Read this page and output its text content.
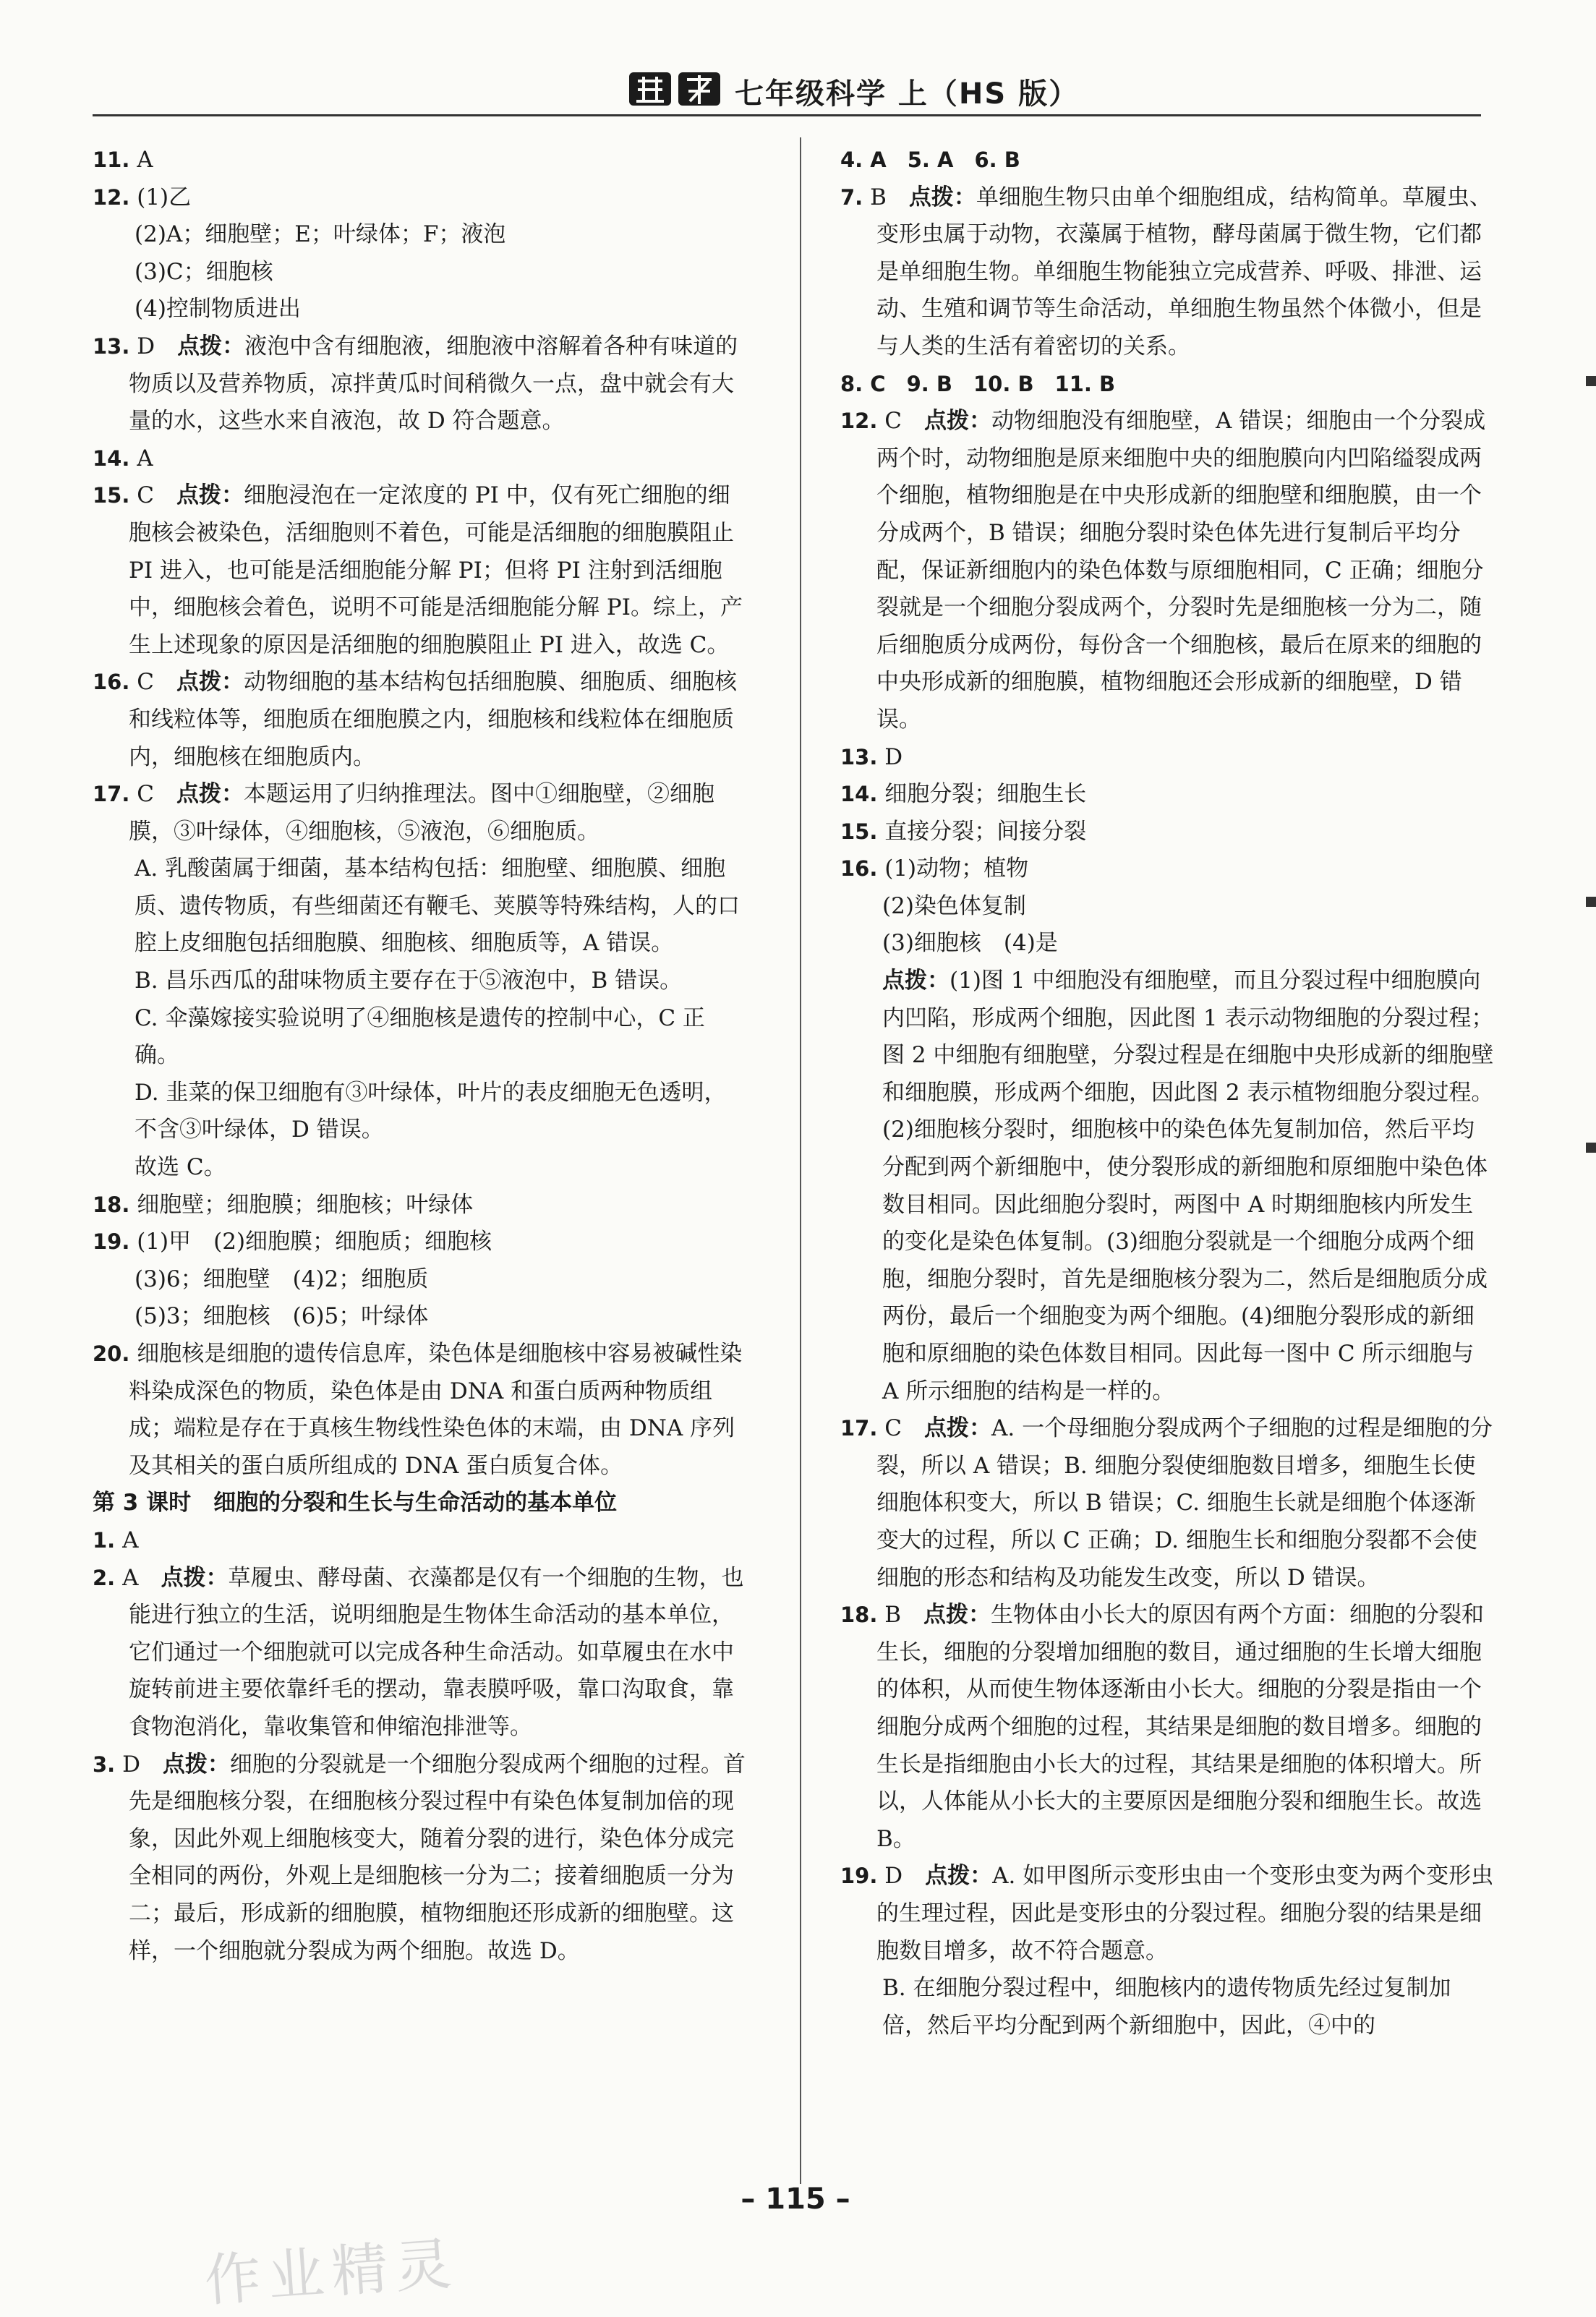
七年级科学 上（HS 版）
11. A
12. (1)乙
(2)A；细胞壁；E；叶绿体；F；液泡
(3)C；细胞核
(4)控制物质进出
13. D　 点拨：液泡中含有细胞液，细胞液中溶解着各种有味道的物质以及营养物质，凉拌黄瓜时间稍微久一点，盘中就会有大量的水，这些水来自液泡，故 D 符合题意。
14. A
15. C　 点拨：细胞浸泡在一定浓度的 PI 中，仅有死亡细胞的细胞核会被染色，活细胞则不着色，可能是活细胞的细胞膜阻止 PI 进入，也可能是活细胞能分解 PI；但将 PI 注射到活细胞中，细胞核会着色，说明不可能是活细胞能分解 PI。综上，产生上述现象的原因是活细胞的细胞膜阻止 PI 进入，故选 C。
16. C　 点拨：动物细胞的基本结构包括细胞膜、细胞质、细胞核和线粒体等，细胞质在细胞膜之内，细胞核和线粒体在细胞质内，细胞核在细胞质内。
17. C　 点拨：本题运用了归纳推理法。图中①细胞壁，②细胞膜，③叶绿体，④细胞核，⑤液泡，⑥细胞质。
A. 乳酸菌属于细菌，基本结构包括：细胞壁、细胞膜、细胞质、遗传物质，有些细菌还有鞭毛、荚膜等特殊结构，人的口腔上皮细胞包括细胞膜、细胞核、细胞质等，A 错误。
B. 昌乐西瓜的甜味物质主要存在于⑤液泡中，B 错误。
C. 伞藻嫁接实验说明了④细胞核是遗传的控制中心，C 正确。
D. 韭菜的保卫细胞有③叶绿体，叶片的表皮细胞无色透明，不含③叶绿体，D 错误。
故选 C。
18. 细胞壁；细胞膜；细胞核；叶绿体
19. (1)甲　(2)细胞膜；细胞质；细胞核
(3)6；细胞壁　(4)2；细胞质
(5)3；细胞核　(6)5；叶绿体
20. 细胞核是细胞的遗传信息库，染色体是细胞核中容易被碱性染料染成深色的物质，染色体是由 DNA 和蛋白质两种物质组成；端粒是存在于真核生物线性染色体的末端，由 DNA 序列及其相关的蛋白质所组成的 DNA 蛋白质复合体。
第 3 课时　细胞的分裂和生长与生命活动的基本单位
1. A
2. A　 点拨：草履虫、酵母菌、衣藻都是仅有一个细胞的生物，也能进行独立的生活，说明细胞是生物体生命活动的基本单位，它们通过一个细胞就可以完成各种生命活动。如草履虫在水中旋转前进主要依靠纤毛的摆动，靠表膜呼吸，靠口沟取食，靠食物泡消化，靠收集管和伸缩泡排泄等。
3. D　 点拨：细胞的分裂就是一个细胞分裂成两个细胞的过程。首先是细胞核分裂，在细胞核分裂过程中有染色体复制加倍的现象，因此外观上细胞核变大，随着分裂的进行，染色体分成完全相同的两份，外观上是细胞核一分为二；接着细胞质一分为二；最后，形成新的细胞膜，植物细胞还形成新的细胞壁。这样，一个细胞就分裂成为两个细胞。故选 D。
4. A　5. A　6. B
7. B　 点拨：单细胞生物只由单个细胞组成，结构简单。草履虫、变形虫属于动物，衣藻属于植物，酵母菌属于微生物，它们都是单细胞生物。单细胞生物能独立完成营养、呼吸、排泄、运动、生殖和调节等生命活动，单细胞生物虽然个体微小，但是与人类的生活有着密切的关系。
8. C　9. B　10. B　11. B
12. C　 点拨：动物细胞没有细胞壁，A 错误；细胞由一个分裂成两个时，动物细胞是原来细胞中央的细胞膜向内凹陷缢裂成两个细胞，植物细胞是在中央形成新的细胞壁和细胞膜，由一个分成两个，B 错误；细胞分裂时染色体先进行复制后平均分配，保证新细胞内的染色体数与原细胞相同，C 正确；细胞分裂就是一个细胞分裂成两个，分裂时先是细胞核一分为二，随后细胞质分成两份，每份含一个细胞核，最后在原来的细胞的中央形成新的细胞膜，植物细胞还会形成新的细胞壁，D 错误。
13. D
14. 细胞分裂；细胞生长
15. 直接分裂；间接分裂
16. (1)动物；植物
(2)染色体复制
(3)细胞核　(4)是
点拨：(1)图 1 中细胞没有细胞壁，而且分裂过程中细胞膜向内凹陷，形成两个细胞，因此图 1 表示动物细胞的分裂过程；图 2 中细胞有细胞壁，分裂过程是在细胞中央形成新的细胞壁和细胞膜，形成两个细胞，因此图 2 表示植物细胞分裂过程。(2)细胞核分裂时，细胞核中的染色体先复制加倍，然后平均分配到两个新细胞中，使分裂形成的新细胞和原细胞中染色体数目相同。因此细胞分裂时，两图中 A 时期细胞核内所发生的变化是染色体复制。(3)细胞分裂就是一个细胞分成两个细胞，细胞分裂时，首先是细胞核分裂为二，然后是细胞质分成两份，最后一个细胞变为两个细胞。(4)细胞分裂形成的新细胞和原细胞的染色体数目相同。因此每一图中 C 所示细胞与 A 所示细胞的结构是一样的。
17. C　 点拨：A. 一个母细胞分裂成两个子细胞的过程是细胞的分裂，所以 A 错误；B. 细胞分裂使细胞数目增多，细胞生长使细胞体积变大，所以 B 错误；C. 细胞生长就是细胞个体逐渐变大的过程，所以 C 正确；D. 细胞生长和细胞分裂都不会使细胞的形态和结构及功能发生改变，所以 D 错误。
18. B　 点拨：生物体由小长大的原因有两个方面：细胞的分裂和生长，细胞的分裂增加细胞的数目，通过细胞的生长增大细胞的体积，从而使生物体逐渐由小长大。细胞的分裂是指由一个细胞分成两个细胞的过程，其结果是细胞的数目增多。细胞的生长是指细胞由小长大的过程，其结果是细胞的体积增大。所以，人体能从小长大的主要原因是细胞分裂和细胞生长。故选 B。
19. D　 点拨：A. 如甲图所示变形虫由一个变形虫变为两个变形虫的生理过程，因此是变形虫的分裂过程。细胞分裂的结果是细胞数目增多，故不符合题意。
B. 在细胞分裂过程中，细胞核内的遗传物质先经过复制加倍，然后平均分配到两个新细胞中，因此，④中的
– 115 –
作业精灵
